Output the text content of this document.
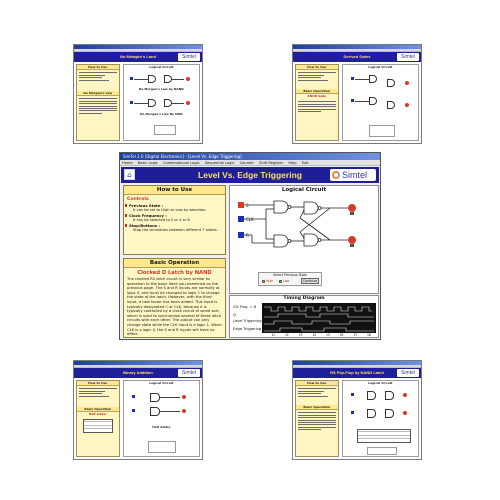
No Metaphr's Land	Simtel
How to Use
De Morgan's Law
Logical Circuit
De Morgan's Law by NAND
De Morgan's Law By NOR
Derived Gates	Simtel
How to Use
Basic Operation
XNOR Gate
Logical Circuit
Binary Addition	Simtel
How to Use
Basic Operation
Half Adder
Logical Circuit
Half Adder
RS Flip-Flop by NAND Latch	Simtel
How to Use
Basic Operation
Logical Circuit
SimTel 2.0 [Digital Electronics] - [Level Vs. Edge Triggering]
Home Basic Logic Combinational Logic Sequential Logic Counter Shift Register Help Exit
⌂	Level Vs. Edge Triggering	Simtel
How to Use
Controls
Previous State :
It can be set to High or Low by selection.
Clock Frequency :
It can be selected to 2 or 4 or 8.
Stop/Buttons :
Stop the simulation between different T states.
Basic Operation
Clocked D Latch by NAND
The clocked RS latch circuit is very similar to operation to the basic latch you examined on the previous page. The S and R inputs are normally at logic 0, and must be changed to logic 1 to change the state of the latch. However, with the third input, a new factor has been added. This input is typically designated C or CLK, because it is typically controlled by a clock circuit of some sort, which is used to synchronize several of these latch circuits with each other. The output can only change state while the CLK input is a logic 1. When CLK is a logic 0, the S and R inputs will have no effect.
Logical Circuit
S
CLK
R
Select Previous State
High	Low	Continue
Timing Diagram
Clk Freq. = 8
Q
Level Triggering
Edge Triggering
t1	t2	t3	t4	t5	t6	t7	t8
